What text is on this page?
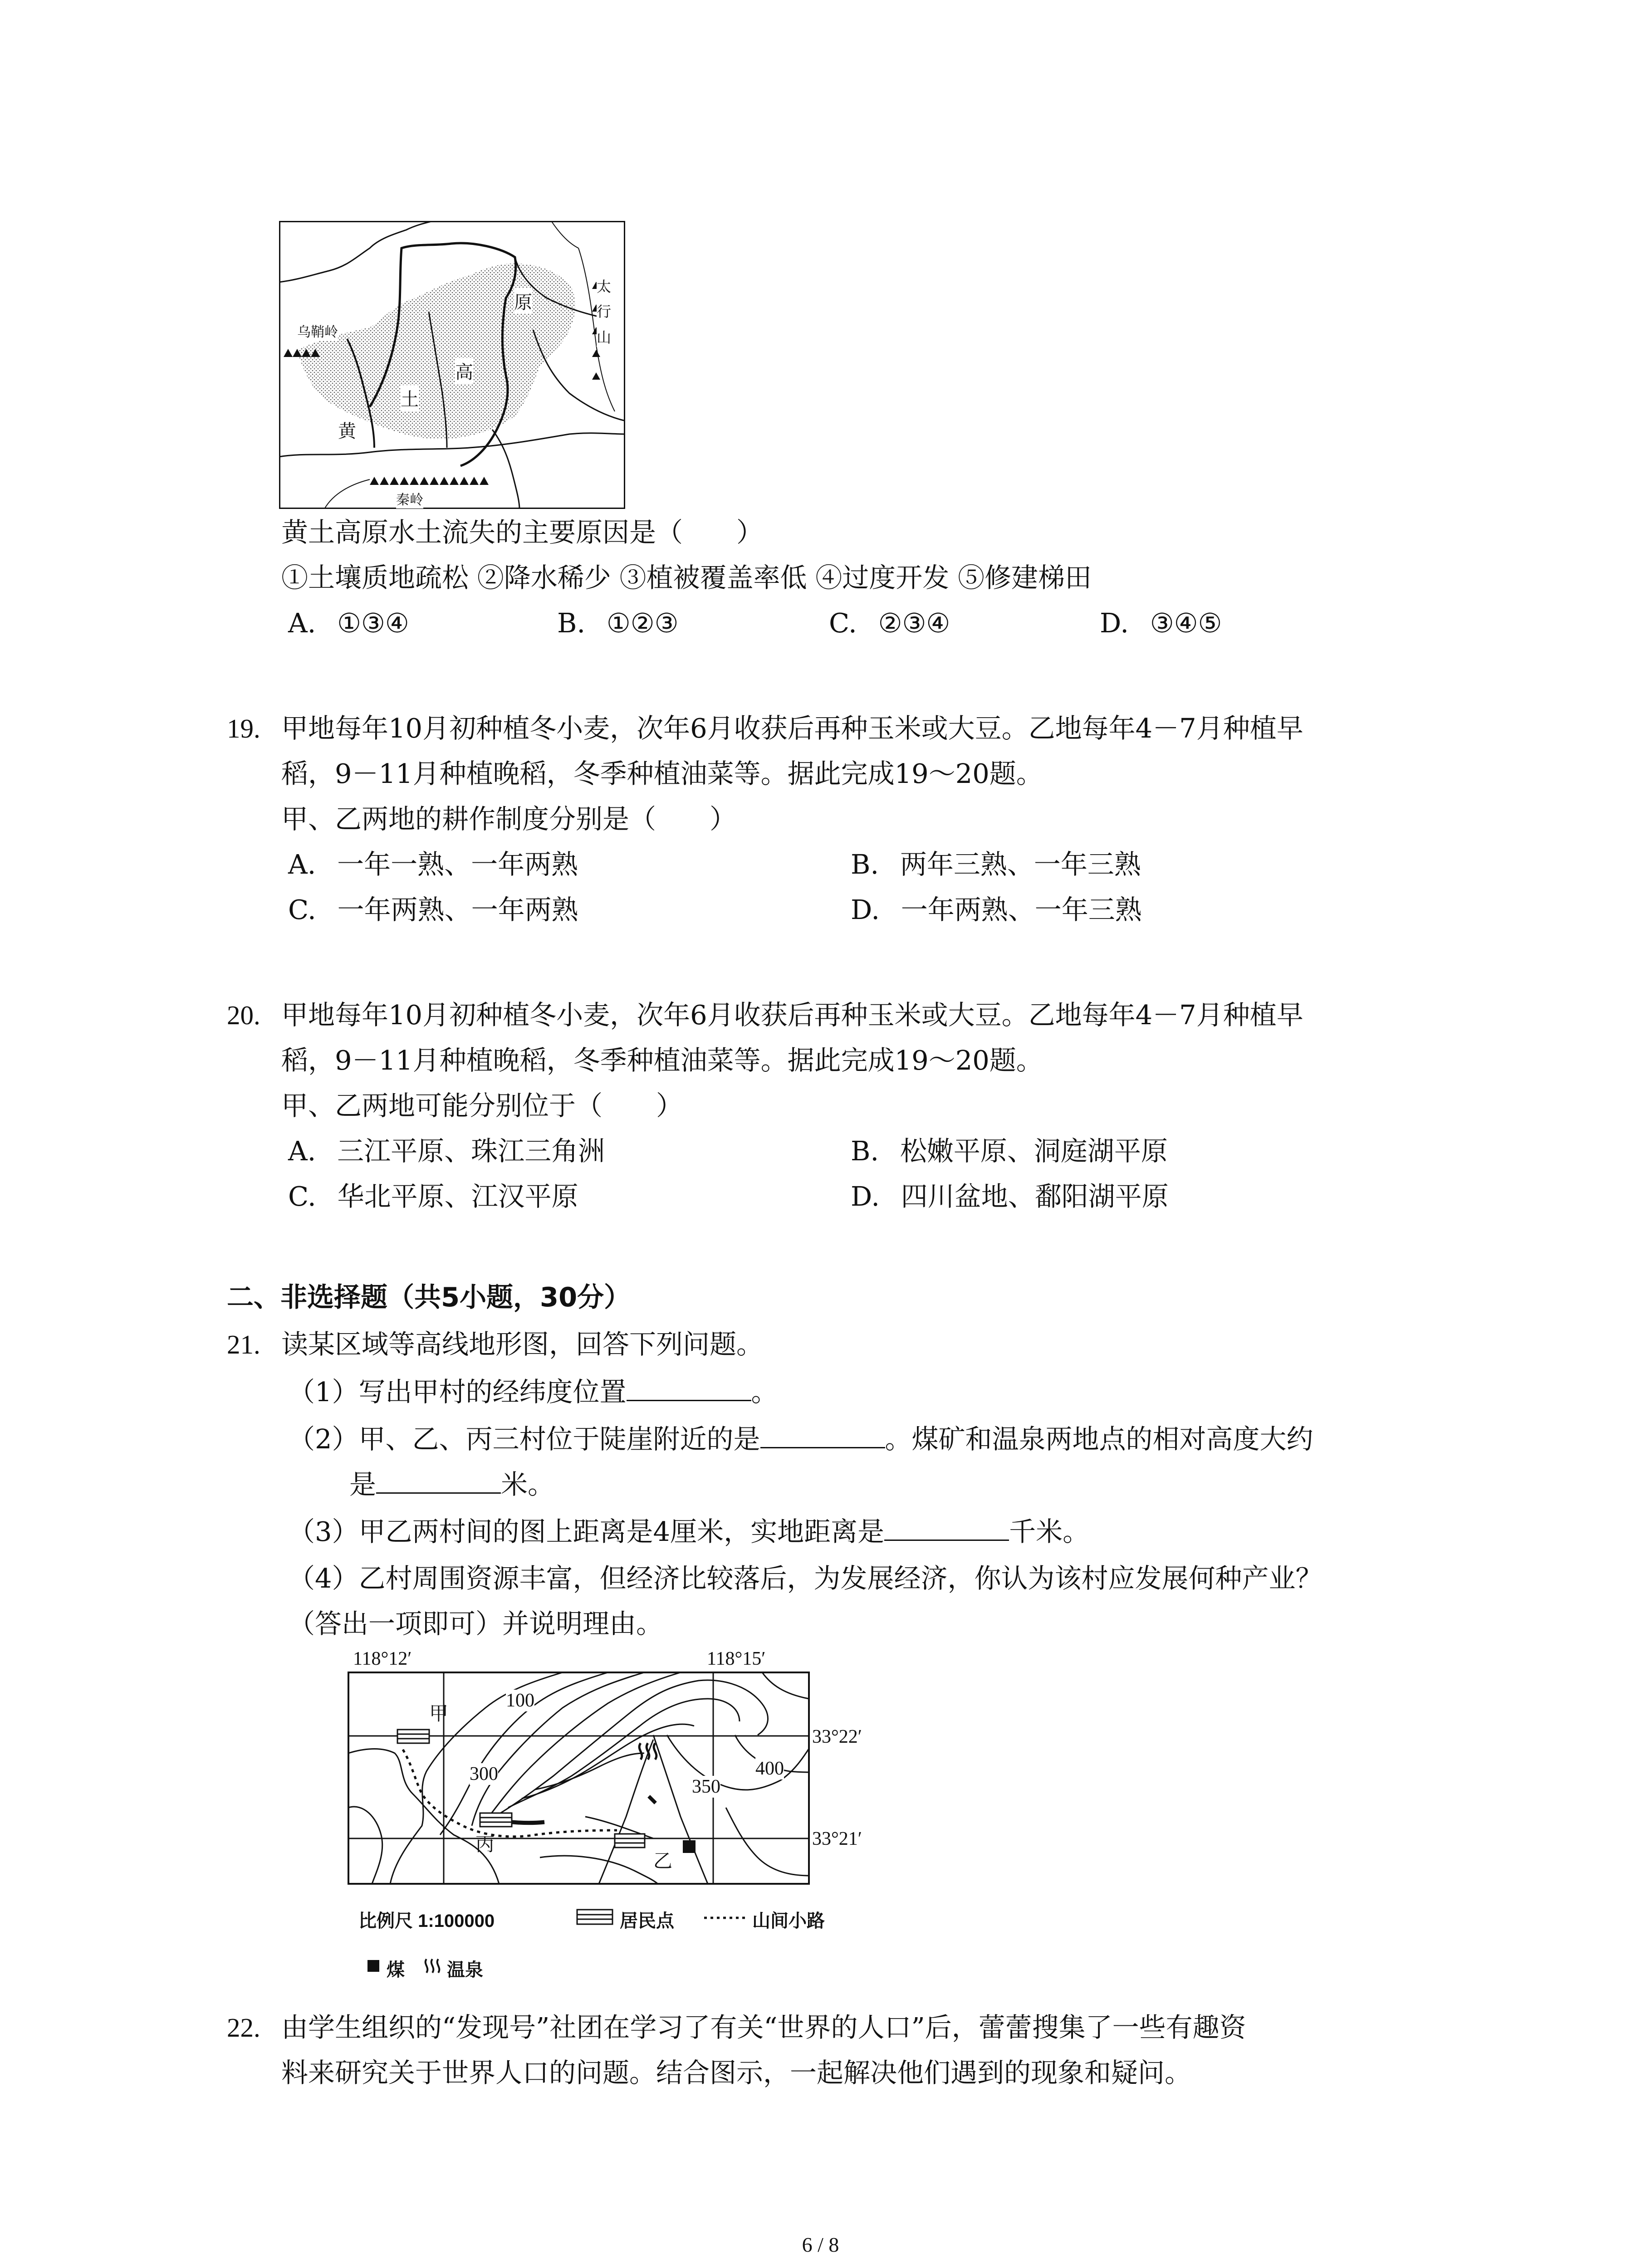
乌鞘岭
太
行
山
土
高
原
黄
秦岭
黄土高原水土流失的主要原因是（　　）
①土壤质地疏松 ②降水稀少 ③植被覆盖率低 ④过度开发 ⑤修建梯田
A. ①③④	B. ①②③	C. ②③④	D. ③④⑤
19. 甲地每年10月初种植冬小麦，次年6月收获后再种玉米或大豆。乙地每年4－7月种植早
稻，9－11月种植晚稻，冬季种植油菜等。据此完成19～20题。
甲、乙两地的耕作制度分别是（　　）
A. 一年一熟、一年两熟	B. 两年三熟、一年三熟
C. 一年两熟、一年两熟	D. 一年两熟、一年三熟
20. 甲地每年10月初种植冬小麦，次年6月收获后再种玉米或大豆。乙地每年4－7月种植早
稻，9－11月种植晚稻，冬季种植油菜等。据此完成19～20题。
甲、乙两地可能分别位于（　　）
A. 三江平原、珠江三角洲	B. 松嫩平原、洞庭湖平原
C. 华北平原、江汉平原	D. 四川盆地、鄱阳湖平原
二、非选择题（共5小题，30分）
21. 读某区域等高线地形图，回答下列问题。
（1）写出甲村的经纬度位置	。
（2）甲、乙、丙三村位于陡崖附近的是	。煤矿和温泉两地点的相对高度大约
是	米。
（3）甲乙两村间的图上距离是4厘米，实地距离是	千米。
（4）乙村周围资源丰富，但经济比较落后，为发展经济，你认为该村应发展何种产业？
（答出一项即可）并说明理由。
118°12′	118°15′
33°22′
33°21′
100
300
350
400
甲
丙
乙
比例尺 1:100000	居民点	山间小路
煤 温泉
22. 由学生组织的“发现号”社团在学习了有关“世界的人口”后，蕾蕾搜集了一些有趣资
料来研究关于世界人口的问题。结合图示，一起解决他们遇到的现象和疑问。
6 / 8
